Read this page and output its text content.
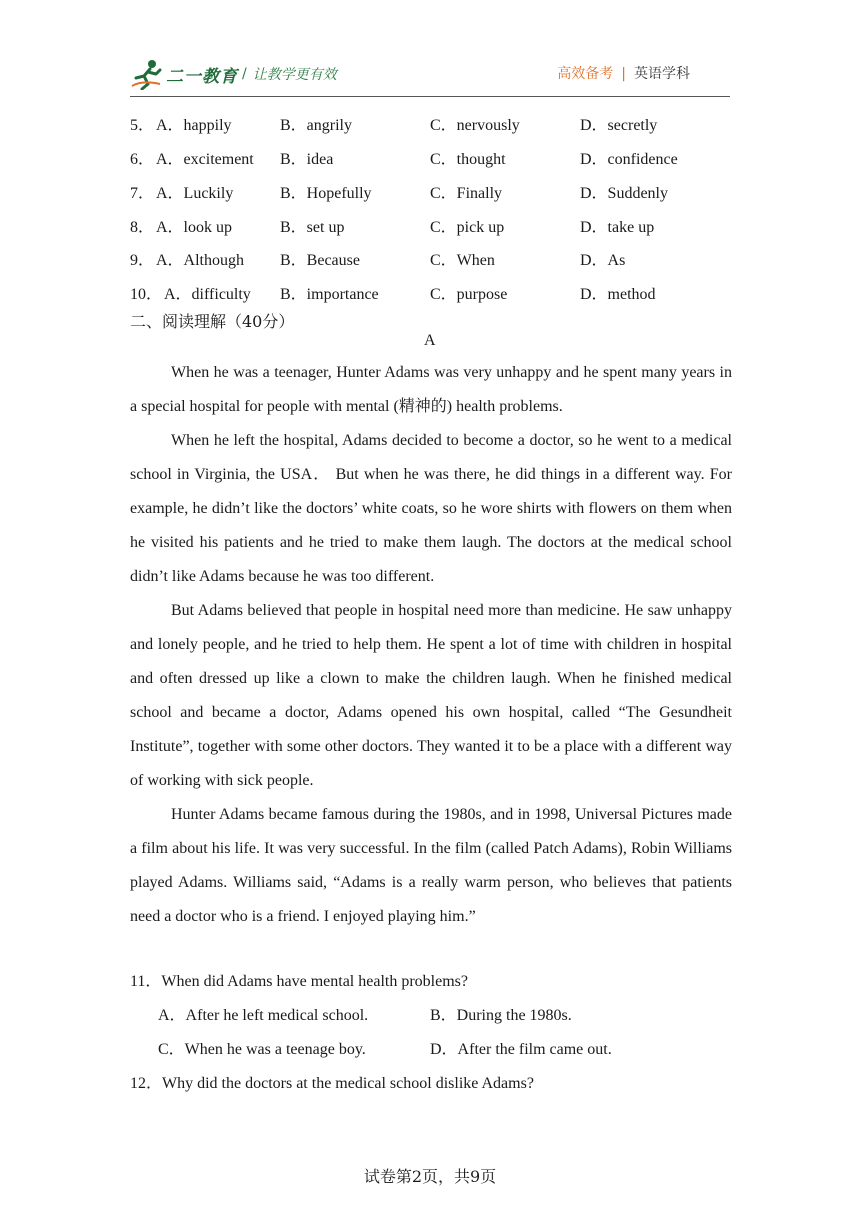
二一教育 / 让教学更有效	高效备考 | 英语学科
5． A．happily	B．angrily	C．nervously	D．secretly
6． A．excitement B．idea	C．thought	D．confidence
7． A．Luckily	B．Hopefully	C．Finally	D．Suddenly
8． A．look up	B．set up	C．pick up	D．take up
9． A．Although B．Because	C．When	D．As
10． A．difficulty B．importance	C．purpose	D．method
二、阅读理解（40分）
A

When he was a teenager, Hunter Adams was very unhappy and he spent many years in a special hospital for people with mental (精神的) health problems.

When he left the hospital, Adams decided to become a doctor, so he went to a medical school in Virginia, the USA． But when he was there, he did things in a different way. For example, he didn’t like the doctors’ white coats, so he wore shirts with flowers on them when he visited his patients and he tried to make them laugh. The doctors at the medical school didn’t like Adams because he was too different.

But Adams believed that people in hospital need more than medicine. He saw unhappy and lonely people, and he tried to help them. He spent a lot of time with children in hospital and often dressed up like a clown to make the children laugh. When he finished medical school and became a doctor, Adams opened his own hospital, called “The Gesundheit Institute”, together with some other doctors. They wanted it to be a place with a different way of working with sick people.

Hunter Adams became famous during the 1980s, and in 1998, Universal Pictures made a film about his life. It was very successful. In the film (called Patch Adams), Robin Williams played Adams. Williams said, “Adams is a really warm person, who believes that patients need a doctor who is a friend. I enjoyed playing him.”

11．When did Adams have mental health problems?
A．After he left medical school.	B．During the 1980s.
C．When he was a teenage boy.	D．After the film came out.
12．Why did the doctors at the medical school dislike Adams?
试卷第2页，共9页
